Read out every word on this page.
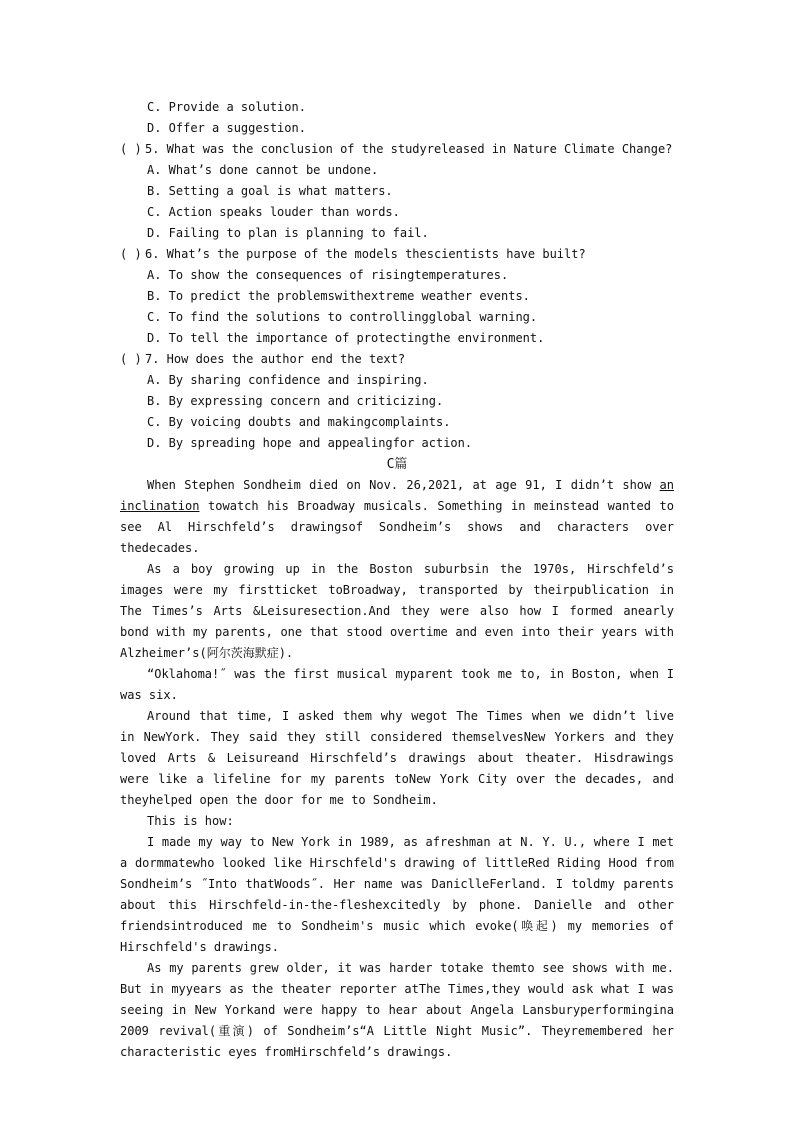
C. Provide a solution.
D. Offer a suggestion.
( ) 5. What was the conclusion of the studyreleased in Nature Climate Change?
A. What’s done cannot be undone.
B. Setting a goal is what matters.
C. Action speaks louder than words.
D. Failing to plan is planning to fail.
( ) 6. What’s the purpose of the models thescientists have built?
A. To show the consequences of risingtemperatures.
B. To predict the problemswithextreme weather events.
C. To find the solutions to controllingglobal warning.
D. To tell the importance of protectingthe environment.
( ) 7. How does the author end the text?
A. By sharing confidence and inspiring.
B. By expressing concern and criticizing.
C. By voicing doubts and makingcomplaints.
D. By spreading hope and appealingfor action.
C篇

When Stephen Sondheim died on Nov. 26,2021, at age 91, I didn’t show an inclination towatch his Broadway musicals. Something in meinstead wanted to see Al Hirschfeld’s drawingsof Sondheim’s shows and characters over thedecades.

As a boy growing up in the Boston suburbsin the 1970s, Hirschfeld’s images were my firstticket toBroadway, transported by theirpublication in The Times’s Arts &Leisuresection.And they were also how I formed anearly bond with my parents, one that stood overtime and even into their years with Alzheimer’s(阿尔茨海默症).

“Oklahoma!˝ was the first musical myparent took me to, in Boston, when I was six.

Around that time, I asked them why wegot The Times when we didn’t live in NewYork. They said they still considered themselvesNew Yorkers and they loved Arts & Leisureand Hirschfeld’s drawings about theater. Hisdrawings were like a lifeline for my parents toNew York City over the decades, and theyhelped open the door for me to Sondheim.

This is how:

I made my way to New York in 1989, as afreshman at N. Y. U., where I met a dormmatewho looked like Hirschfeld's drawing of littleRed Riding Hood from Sondheim’s ˝Into thatWoods˝. Her name was DaniclleFerland. I toldmy parents about this Hirschfeld-in-the-fleshexcitedly by phone. Danielle and other friendsintroduced me to Sondheim's music which evoke(唤起) my memories of Hirschfeld's drawings.

As my parents grew older, it was harder totake themto see shows with me. But in myyears as the theater reporter atThe Times,they would ask what I was seeing in New Yorkand were happy to hear about Angela Lansburyperformingina 2009 revival(重演) of Sondheim’s“A Little Night Music”. Theyremembered her characteristic eyes fromHirschfeld’s drawings.
